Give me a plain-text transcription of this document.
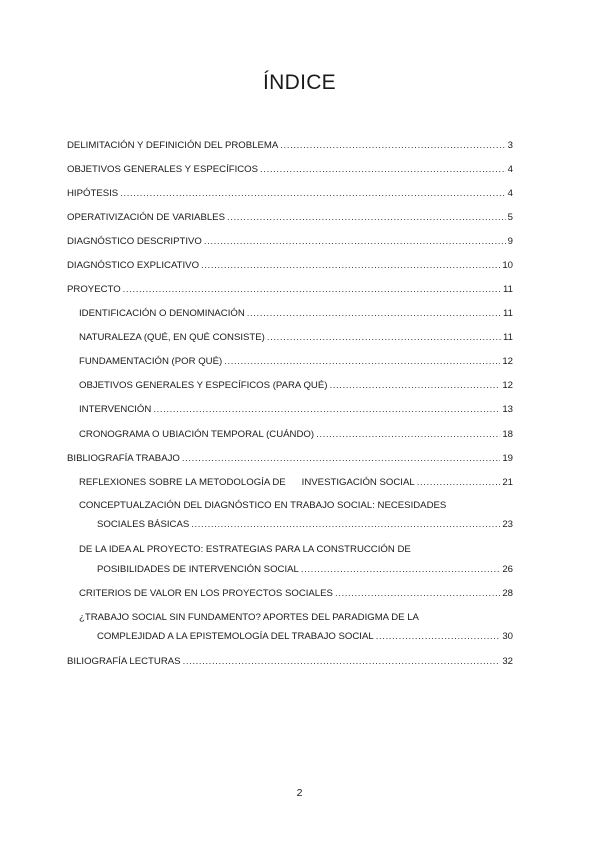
ÍNDICE
DELIMITACIÓN Y DEFINICIÓN DEL PROBLEMA .....	3
OBJETIVOS GENERALES Y ESPECÍFICOS .....	4
HIPÓTESIS .....	4
OPERATIVIZACIÓN DE VARIABLES .....	5
DIAGNÓSTICO DESCRIPTIVO .....	9
DIAGNÓSTICO EXPLICATIVO .....	10
PROYECTO .....	11
IDENTIFICACIÓN O DENOMINACIÓN .....	11
NATURALEZA (QUÉ, EN QUÉ CONSISTE) .....	11
FUNDAMENTACIÓN (POR QUÉ) .....	12
OBJETIVOS GENERALES Y ESPECÍFICOS (PARA QUÉ) .....	12
INTERVENCIÓN .....	13
CRONOGRAMA O UBIACIÓN TEMPORAL (CUÁNDO) .....	18
BIBLIOGRAFÍA TRABAJO .....	19
REFLEXIONES SOBRE LA METODOLOGÍA DE      INVESTIGACIÓN SOCIAL .....	21
CONCEPTUALZACIÓN DEL DIAGNÓSTICO EN TRABAJO SOCIAL: NECESIDADES
SOCIALES BÁSICAS .....	23
DE LA IDEA AL PROYECTO: ESTRATEGIAS PARA LA CONSTRUCCIÓN DE
POSIBILIDADES DE INTERVENCIÓN SOCIAL .....	26
CRITERIOS DE VALOR EN LOS PROYECTOS SOCIALES .....	28
¿TRABAJO SOCIAL SIN FUNDAMENTO? APORTES DEL PARADIGMA DE LA
COMPLEJIDAD A LA EPISTEMOLOGÍA DEL TRABAJO SOCIAL .....	30
BILIOGRAFÍA LECTURAS .....	32
2
